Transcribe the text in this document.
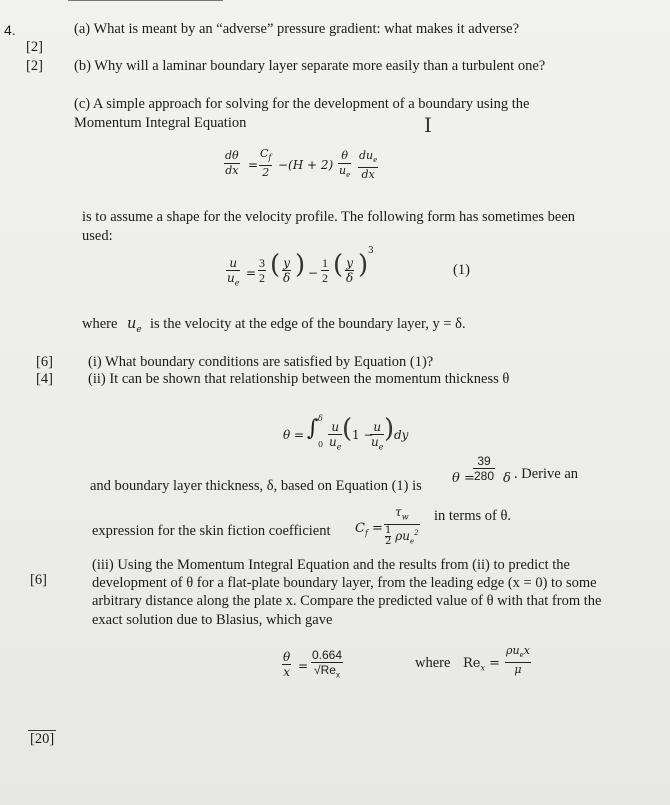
4.	(a) What is meant by an “adverse” pressure gradient: what makes it adverse?
[2]
[2] (b) Why will a laminar boundary layer separate more easily than a turbulent one?
(c) A simple approach for solving for the development of a boundary using the
Momentum Integral Equation	I
dθ
dx =
$C_f$
2
−(H + 2)
θ
$u_e$
$du_e$
dx
is to assume a shape for the velocity profile. The following form has sometimes been
used:
u
$u_e$
=
3
2 ( y
δ ) −
1
2 ( y
δ ) 3
(1)
where $u_e$ is the velocity at the edge of the boundary layer, y = δ.
[6] (i) What boundary conditions are satisfied by Equation (1)?
[4] (ii) It can be shown that relationship between the momentum thickness θ
θ = ∫ δ
0
u
$u_e$
( 1 −
u
$u_e$
) dy
and boundary layer thickness, δ, based on Equation (1) is θ =
39
280 δ . Derive an
expression for the skin fiction coefficient $C_f$ =
$\tau_w$
1

2 $\rho u_e^2$
in terms of θ.
[6]
(iii) Using the Momentum Integral Equation and the results from (ii) to predict the
development of θ for a flat-plate boundary layer, from the leading edge (x = 0) to some
arbitrary distance along the plate x. Compare the predicted value of θ with that from the
exact solution due to Blasius, which gave
θ
x =
0.664
$√Re_x$
where $Re_x$ =
$\rho u_ex$
μ
[20]
